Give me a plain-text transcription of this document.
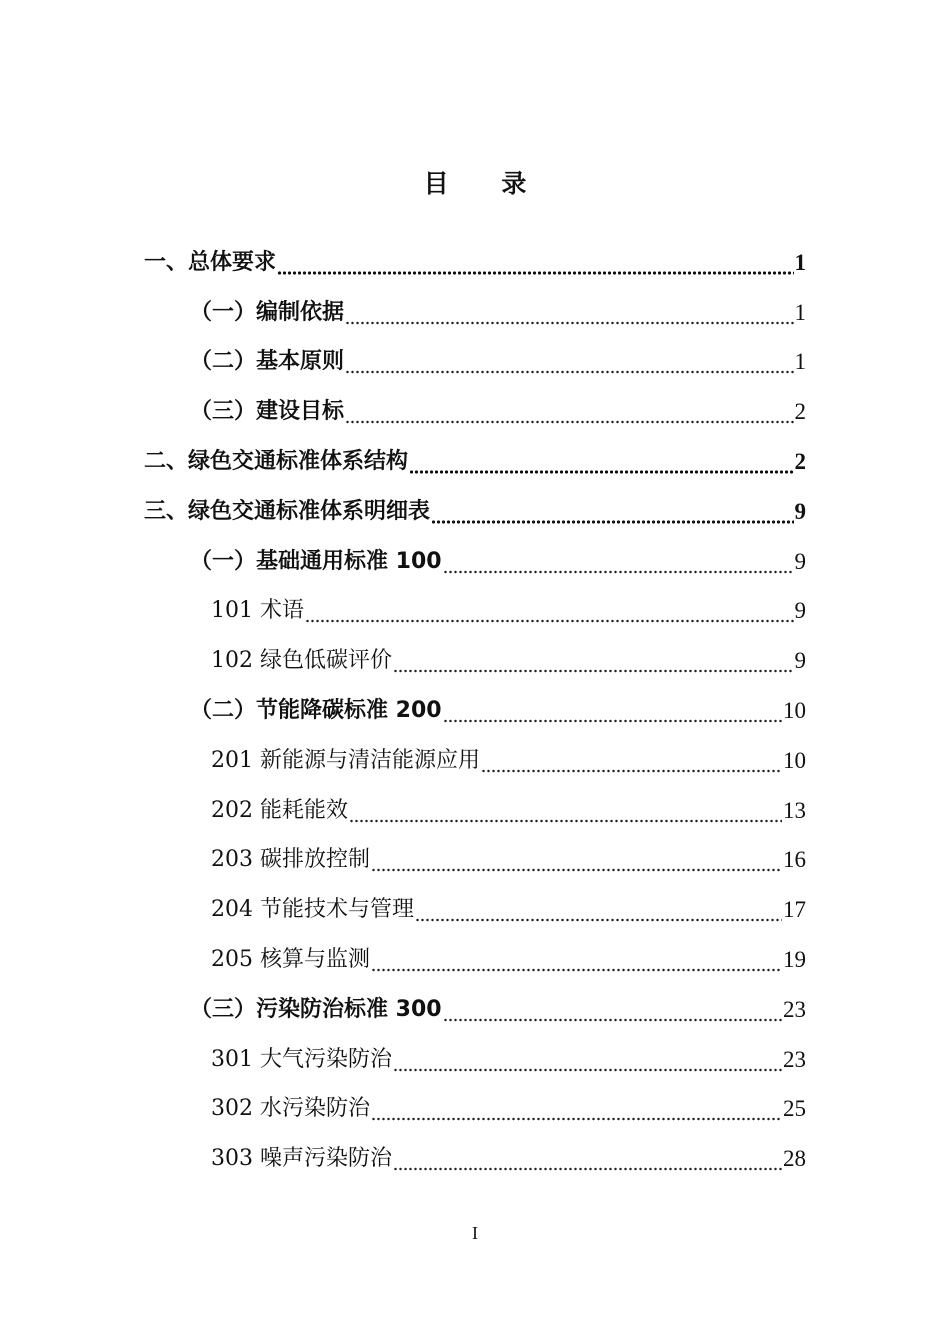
目 录
一、总体要求	1
（一）编制依据	1
（二）基本原则	1
（三）建设目标	2
二、绿色交通标准体系结构	2
三、绿色交通标准体系明细表	9
（一）基础通用标准 100	9
101 术语	9
102 绿色低碳评价	9
（二）节能降碳标准 200	10
201 新能源与清洁能源应用	10
202 能耗能效	13
203 碳排放控制	16
204 节能技术与管理	17
205 核算与监测	19
（三）污染防治标准 300	23
301 大气污染防治	23
302 水污染防治	25
303 噪声污染防治	28
I
